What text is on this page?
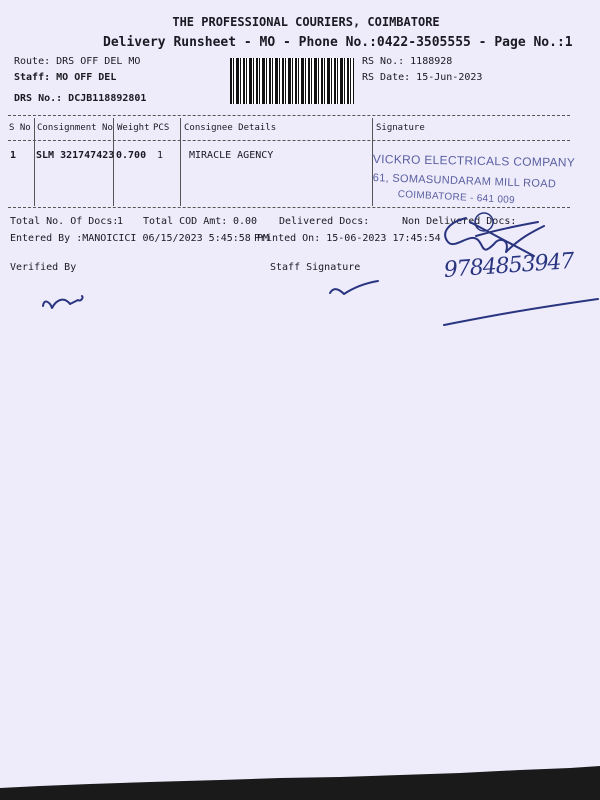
THE PROFESSIONAL COURIERS, COIMBATORE
Delivery Runsheet - MO - Phone No.:0422-3505555 - Page No.:1
Route: DRS OFF DEL MO
Staff: MO OFF DEL
DRS No.: DCJB118892801
RS No.: 1188928
RS Date: 15-Jun-2023
S No Consignment No Weight PCS Consignee Details	Signature
1 SLM 321747423 0.700 1	MIRACLE AGENCY	VICKRO ELECTRICALS COMPANY
61, SOMASUNDARAM MILL ROAD
COIMBATORE - 641 009
Total No. Of Docs:
1 Total COD Amt: 0.00 Delivered Docs:	Non Delivered Docs:
Entered By :MANOICICI 06/15/2023 5:45:58 PM
Printed On: 15-06-2023 17:45:54
Verified By	Staff Signature	9784853947
